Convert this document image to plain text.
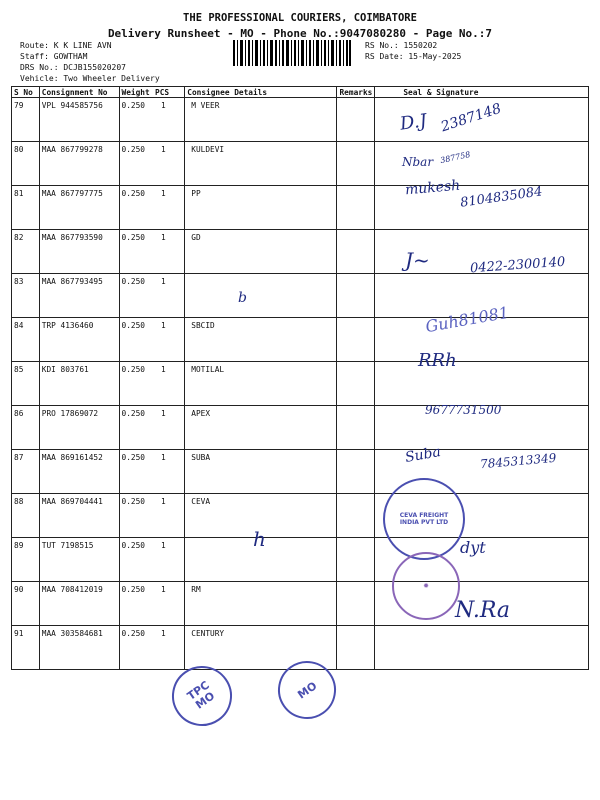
THE PROFESSIONAL COURIERS, COIMBATORE
Delivery Runsheet - MO - Phone No.:9047080280 - Page No.:7
Route: K K LINE AVN
Staff: GOWTHAM
DRS No.: DCJB155020207
Vehicle: Two Wheeler Delivery
RS No.: 1550202
RS Date: 15-May-2025
S No	Consignment No	Weight	PCS	Consignee Details	Remarks	Seal & Signature
79	VPL 944585756	0.250	1	M VEER		
80	MAA 867799278	0.250	1	KULDEVI		
81	MAA 867797775	0.250	1	PP		
82	MAA 867793590	0.250	1	GD		
83	MAA 867793495	0.250	1			
84	TRP 4136460	0.250	1	SBCID		
85	KDI 803761	0.250	1	MOTILAL		
86	PRO 17869072	0.250	1	APEX		
87	MAA 869161452	0.250	1	SUBA		
88	MAA 869704441	0.250	1	CEVA		
89	TUT 7198515	0.250	1			
90	MAA 708412019	0.250	1	RM		
91	MAA 303584681	0.250	1	CENTURY		
D.J 2387148
Nbar 387758
mukesh
8104835084
J~	0422-2300140
b
Guh81081
RRh
9677731500
Suba	7845313349
h	dyt
N.Ra
CEVA FREIGHT INDIA PVT LTD
✹
TPC MO	MO
